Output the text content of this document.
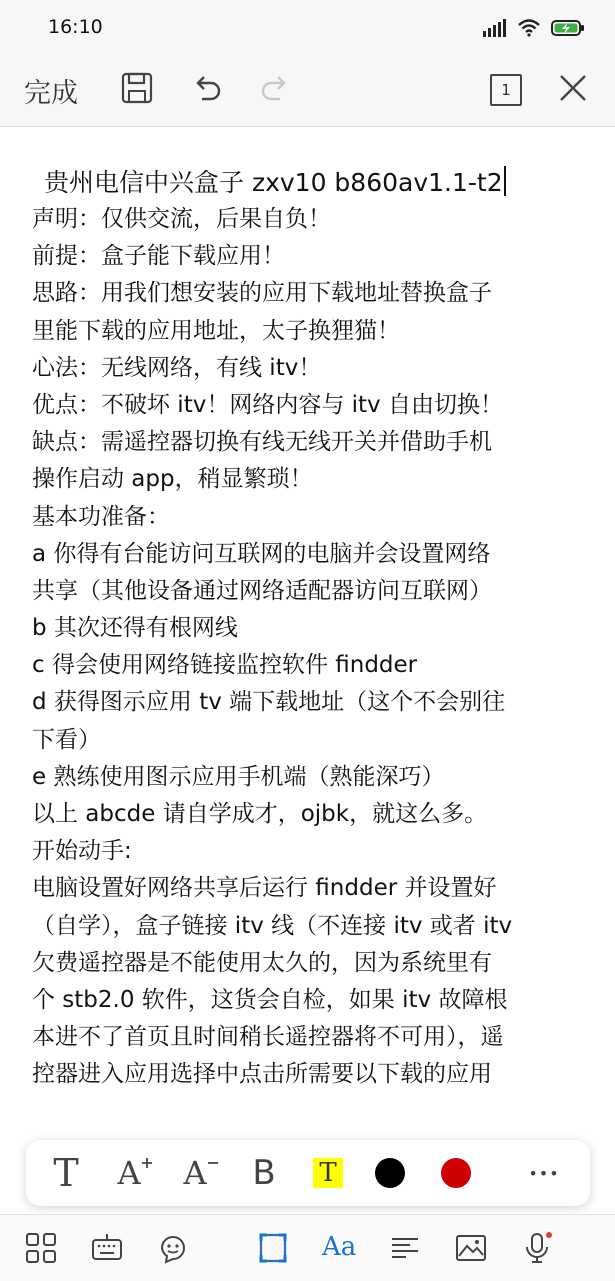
16:10
完成	1
贵州电信中兴盒子 zxv10 b860av1.1-t2
声明：仅供交流，后果自负！
前提：盒子能下载应用！
思路：用我们想安装的应用下载地址替换盒子
里能下载的应用地址，太子换狸猫！
心法：无线网络，有线 itv！
优点：不破坏 itv！网络内容与 itv 自由切换！
缺点：需遥控器切换有线无线开关并借助手机
操作启动 app，稍显繁琐！
基本功准备：
a 你得有台能访问互联网的电脑并会设置网络
共享（其他设备通过网络适配器访问互联网）
b 其次还得有根网线
c 得会使用网络链接监控软件 findder
d 获得图示应用 tv 端下载地址（这个不会别往
下看）
e 熟练使用图示应用手机端（熟能深巧）
以上 abcde 请自学成才，ojbk，就这么多。
开始动手:
电脑设置好网络共享后运行 findder 并设置好
（自学），盒子链接 itv 线（不连接 itv 或者 itv
欠费遥控器是不能使用太久的，因为系统里有
个 stb2.0 软件，这货会自检，如果 itv 故障根
本进不了首页且时间稍长遥控器将不可用），遥
控器进入应用选择中点击所需要以下载的应用
T	A A	B	T	•••
Aa
